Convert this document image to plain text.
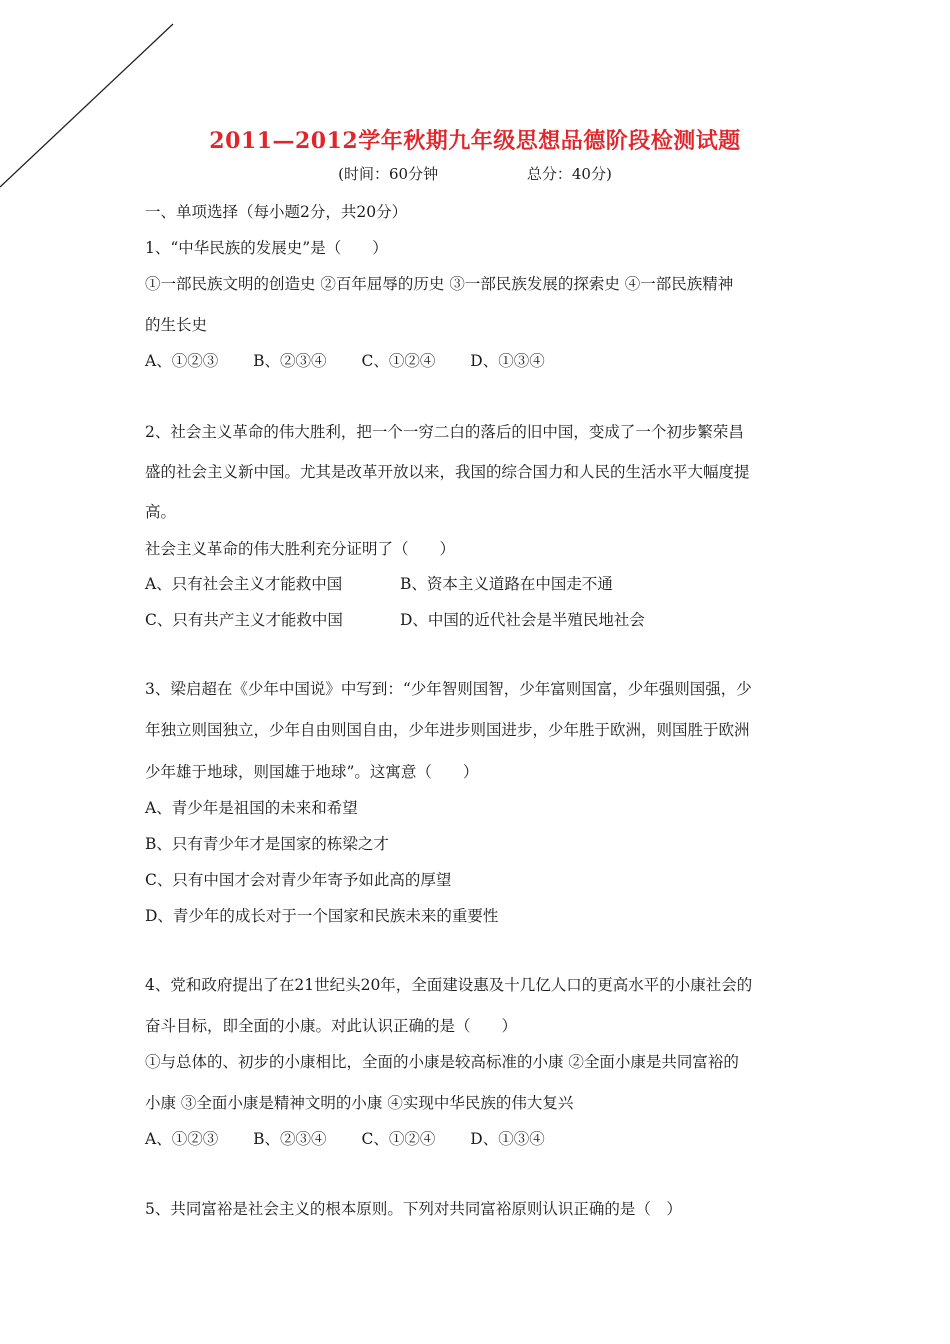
2011—2012学年秋期九年级思想品德阶段检测试题
(时间：60分钟	总分：40分)
一、单项选择（每小题2分，共20分）
1、“中华民族的发展史”是（　　）
①一部民族文明的创造史 ②百年屈辱的历史 ③一部民族发展的探索史 ④一部民族精神
的生长史
A、①②③ B、②③④ C、①②④ D、①③④
2、社会主义革命的伟大胜利，把一个一穷二白的落后的旧中国，变成了一个初步繁荣昌
盛的社会主义新中国。尤其是改革开放以来，我国的综合国力和人民的生活水平大幅度提
高。
社会主义革命的伟大胜利充分证明了（　　）
A、只有社会主义才能救中国	B、资本主义道路在中国走不通
C、只有共产主义才能救中国	D、中国的近代社会是半殖民地社会
3、梁启超在《少年中国说》中写到：“少年智则国智，少年富则国富，少年强则国强，少
年独立则国独立，少年自由则国自由，少年进步则国进步，少年胜于欧洲，则国胜于欧洲
少年雄于地球，则国雄于地球”。这寓意（　　）
A、青少年是祖国的未来和希望
B、只有青少年才是国家的栋梁之才
C、只有中国才会对青少年寄予如此高的厚望
D、青少年的成长对于一个国家和民族未来的重要性
4、党和政府提出了在21世纪头20年，全面建设惠及十几亿人口的更高水平的小康社会的
奋斗目标，即全面的小康。对此认识正确的是（　　）
①与总体的、初步的小康相比，全面的小康是较高标准的小康 ②全面小康是共同富裕的
小康 ③全面小康是精神文明的小康 ④实现中华民族的伟大复兴
A、①②③ B、②③④ C、①②④ D、①③④
5、共同富裕是社会主义的根本原则。下列对共同富裕原则认识正确的是（　）
